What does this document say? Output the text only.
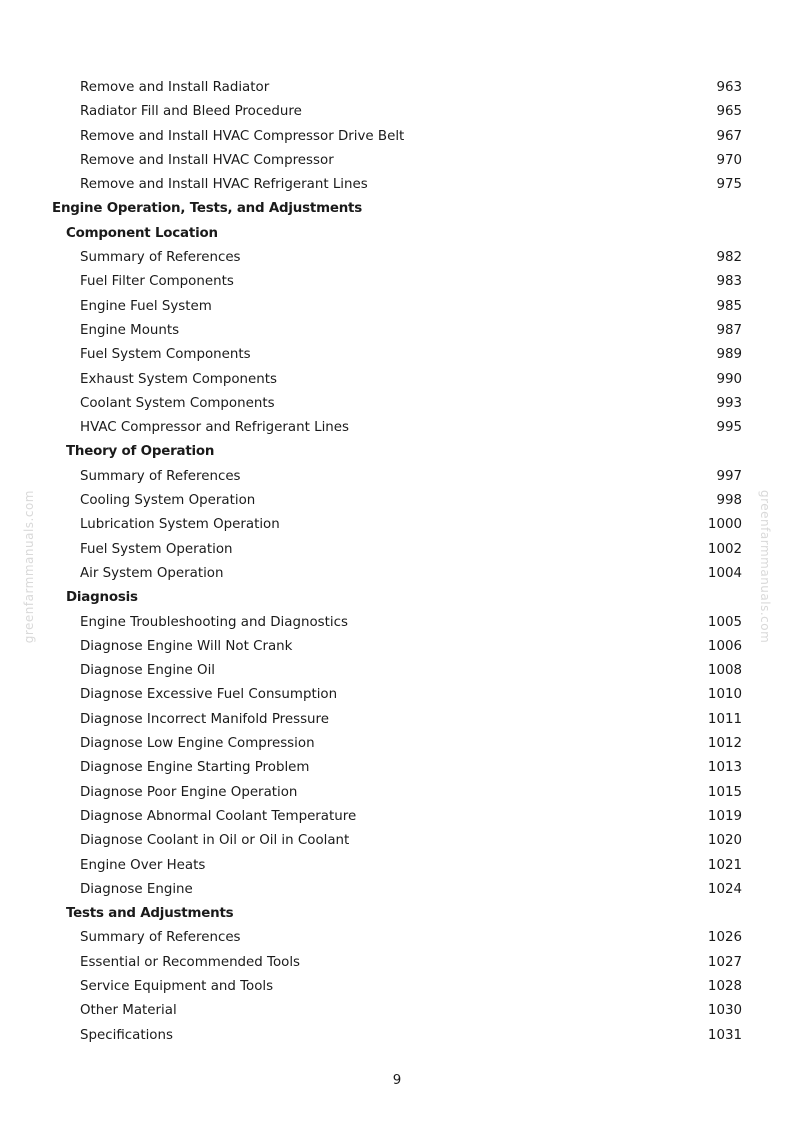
greenfarmmanuals.com	greenfarmmanuals.com
Remove and Install Radiator	963
Radiator Fill and Bleed Procedure	965
Remove and Install HVAC Compressor Drive Belt	967
Remove and Install HVAC Compressor	970
Remove and Install HVAC Refrigerant Lines	975
Engine Operation, Tests, and Adjustments
Component Location
Summary of References	982
Fuel Filter Components	983
Engine Fuel System	985
Engine Mounts	987
Fuel System Components	989
Exhaust System Components	990
Coolant System Components	993
HVAC Compressor and Refrigerant Lines	995
Theory of Operation
Summary of References	997
Cooling System Operation	998
Lubrication System Operation	1000
Fuel System Operation	1002
Air System Operation	1004
Diagnosis
Engine Troubleshooting and Diagnostics	1005
Diagnose Engine Will Not Crank	1006
Diagnose Engine Oil	1008
Diagnose Excessive Fuel Consumption	1010
Diagnose Incorrect Manifold Pressure	1011
Diagnose Low Engine Compression	1012
Diagnose Engine Starting Problem	1013
Diagnose Poor Engine Operation	1015
Diagnose Abnormal Coolant Temperature	1019
Diagnose Coolant in Oil or Oil in Coolant	1020
Engine Over Heats	1021
Diagnose Engine	1024
Tests and Adjustments
Summary of References	1026
Essential or Recommended Tools	1027
Service Equipment and Tools	1028
Other Material	1030
Specifications	1031
9
